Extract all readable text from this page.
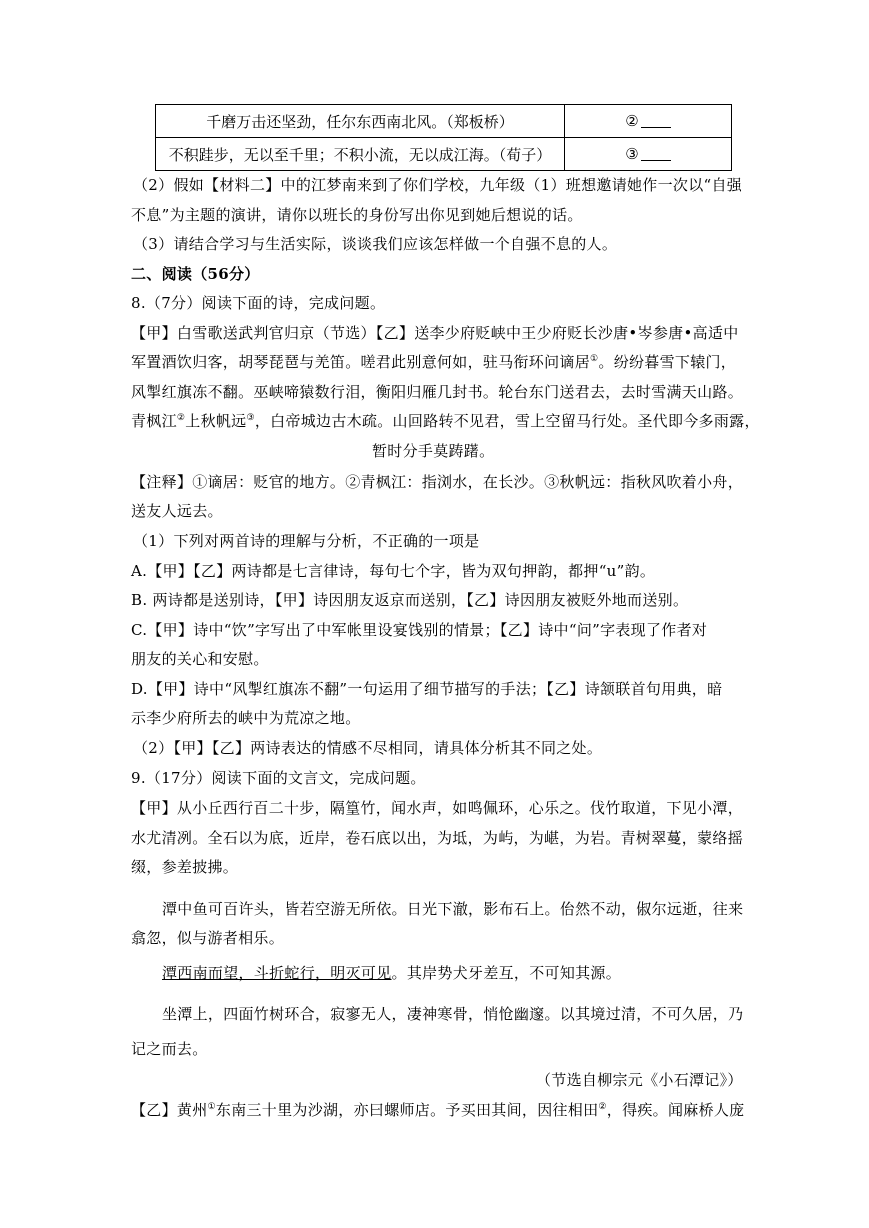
千磨万击还坚劲，任尔东西南北风。（郑板桥）	②
不积跬步，无以至千里；不积小流，无以成江海。（荀子）	③
（2）假如【材料二】中的江梦南来到了你们学校，九年级（1）班想邀请她作一次以“自强
不息”为主题的演讲，请你以班长的身份写出你见到她后想说的话。
（3）请结合学习与生活实际，谈谈我们应该怎样做一个自强不息的人。
二、阅读（56分）
8.（7分）阅读下面的诗，完成问题。
【甲】白雪歌送武判官归京（节选）【乙】送李少府贬峡中王少府贬长沙唐•岑参唐•高适中
军置酒饮归客，胡琴琵琶与羌笛。嗟君此别意何如，驻马衔环问谪居①。纷纷暮雪下辕门，
风掣红旗冻不翻。巫峡啼猿数行泪，衡阳归雁几封书。轮台东门送君去，去时雪满天山路。
青枫江②上秋帆远③，白帝城边古木疏。山回路转不见君，雪上空留马行处。圣代即今多雨露，
暂时分手莫踌躇。
【注释】①谪居：贬官的地方。②青枫江：指浏水，在长沙。③秋帆远：指秋风吹着小舟，
送友人远去。
（1）下列对两首诗的理解与分析，不正确的一项是
A.【甲】【乙】两诗都是七言律诗，每句七个字，皆为双句押韵，都押“u”韵。
B. 两诗都是送别诗，【甲】诗因朋友返京而送别，【乙】诗因朋友被贬外地而送别。
C.【甲】诗中“饮”字写出了中军帐里设宴饯别的情景；【乙】诗中“问”字表现了作者对
朋友的关心和安慰。
D.【甲】诗中“风掣红旗冻不翻”一句运用了细节描写的手法；【乙】诗颔联首句用典，暗
示李少府所去的峡中为荒凉之地。
（2）【甲】【乙】两诗表达的情感不尽相同，请具体分析其不同之处。
9.（17分）阅读下面的文言文，完成问题。
【甲】从小丘西行百二十步，隔篁竹，闻水声，如鸣佩环，心乐之。伐竹取道，下见小潭，
水尤清冽。全石以为底，近岸，卷石底以出，为坻，为屿，为嵁，为岩。青树翠蔓，蒙络摇
缀，参差披拂。
潭中鱼可百许头，皆若空游无所依。日光下澈，影布石上。佁然不动，俶尔远逝，往来
翕忽，似与游者相乐。
潭西南而望，斗折蛇行，明灭可见。其岸势犬牙差互，不可知其源。
坐潭上，四面竹树环合，寂寥无人，凄神寒骨，悄怆幽邃。以其境过清，不可久居，乃
记之而去。
（节选自柳宗元《小石潭记》）
【乙】黄州①东南三十里为沙湖，亦曰螺师店。予买田其间，因往相田②，得疾。闻麻桥人庞
